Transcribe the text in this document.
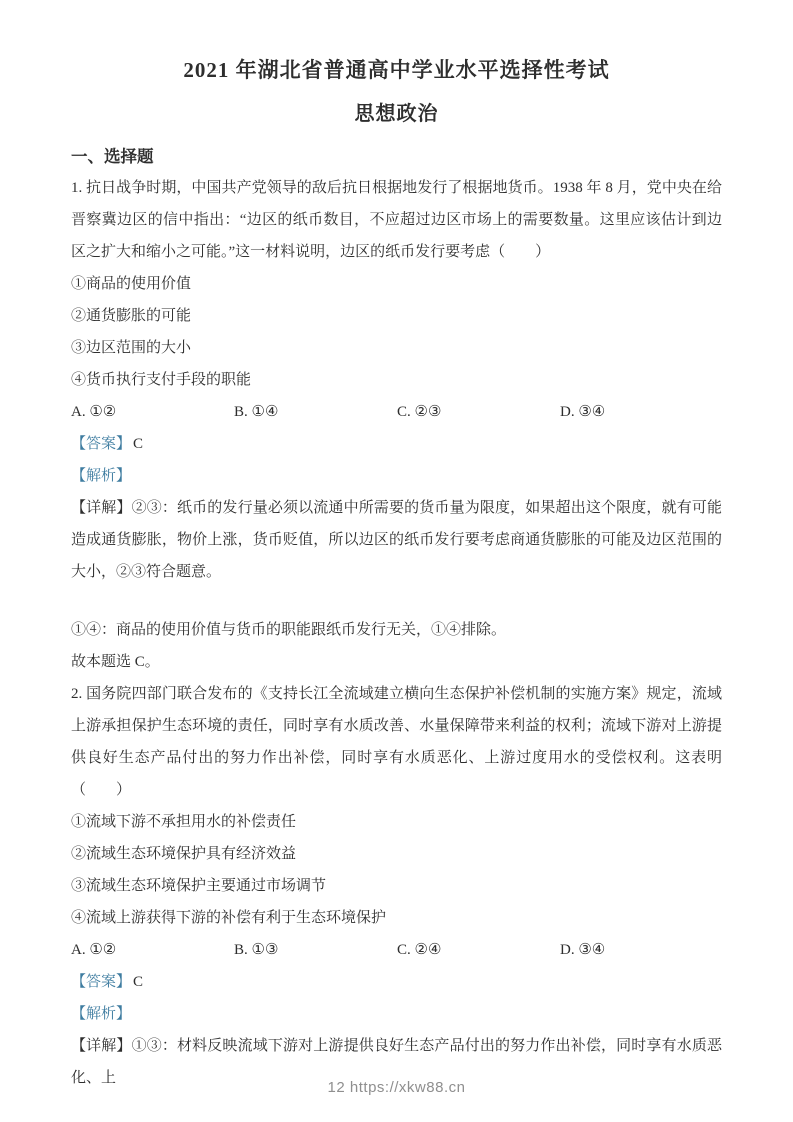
2021 年湖北省普通高中学业水平选择性考试
思想政治
一、选择题

1. 抗日战争时期，中国共产党领导的敌后抗日根据地发行了根据地货币。1938 年 8 月，党中央在给晋察冀边区的信中指出：“边区的纸币数目，不应超过边区市场上的需要数量。这里应该估计到边区之扩大和缩小之可能。”这一材料说明，边区的纸币发行要考虑（　　）

①商品的使用价值
②通货膨胀的可能
③边区范围的大小
④货币执行支付手段的职能
A. ①②	B. ①④	C. ②③	D. ③④
【答案】 C
【解析】

【详解】②③：纸币的发行量必须以流通中所需要的货币量为限度，如果超出这个限度，就有可能造成通货膨胀，物价上涨，货币贬值，所以边区的纸币发行要考虑商通货膨胀的可能及边区范围的大小，②③符合题意。

①④：商品的使用价值与货币的职能跟纸币发行无关，①④排除。

故本题选 C。

2. 国务院四部门联合发布的《支持长江全流域建立横向生态保护补偿机制的实施方案》规定，流域上游承担保护生态环境的责任，同时享有水质改善、水量保障带来利益的权利；流域下游对上游提供良好生态产品付出的努力作出补偿，同时享有水质恶化、上游过度用水的受偿权利。这表明（　　）

①流域下游不承担用水的补偿责任
②流域生态环境保护具有经济效益
③流域生态环境保护主要通过市场调节
④流域上游获得下游的补偿有利于生态环境保护
A. ①②	B. ①③	C. ②④	D. ③④
【答案】 C
【解析】

【详解】①③：材料反映流域下游对上游提供良好生态产品付出的努力作出补偿，同时享有水质恶化、上

12 https://xkw88.cn
